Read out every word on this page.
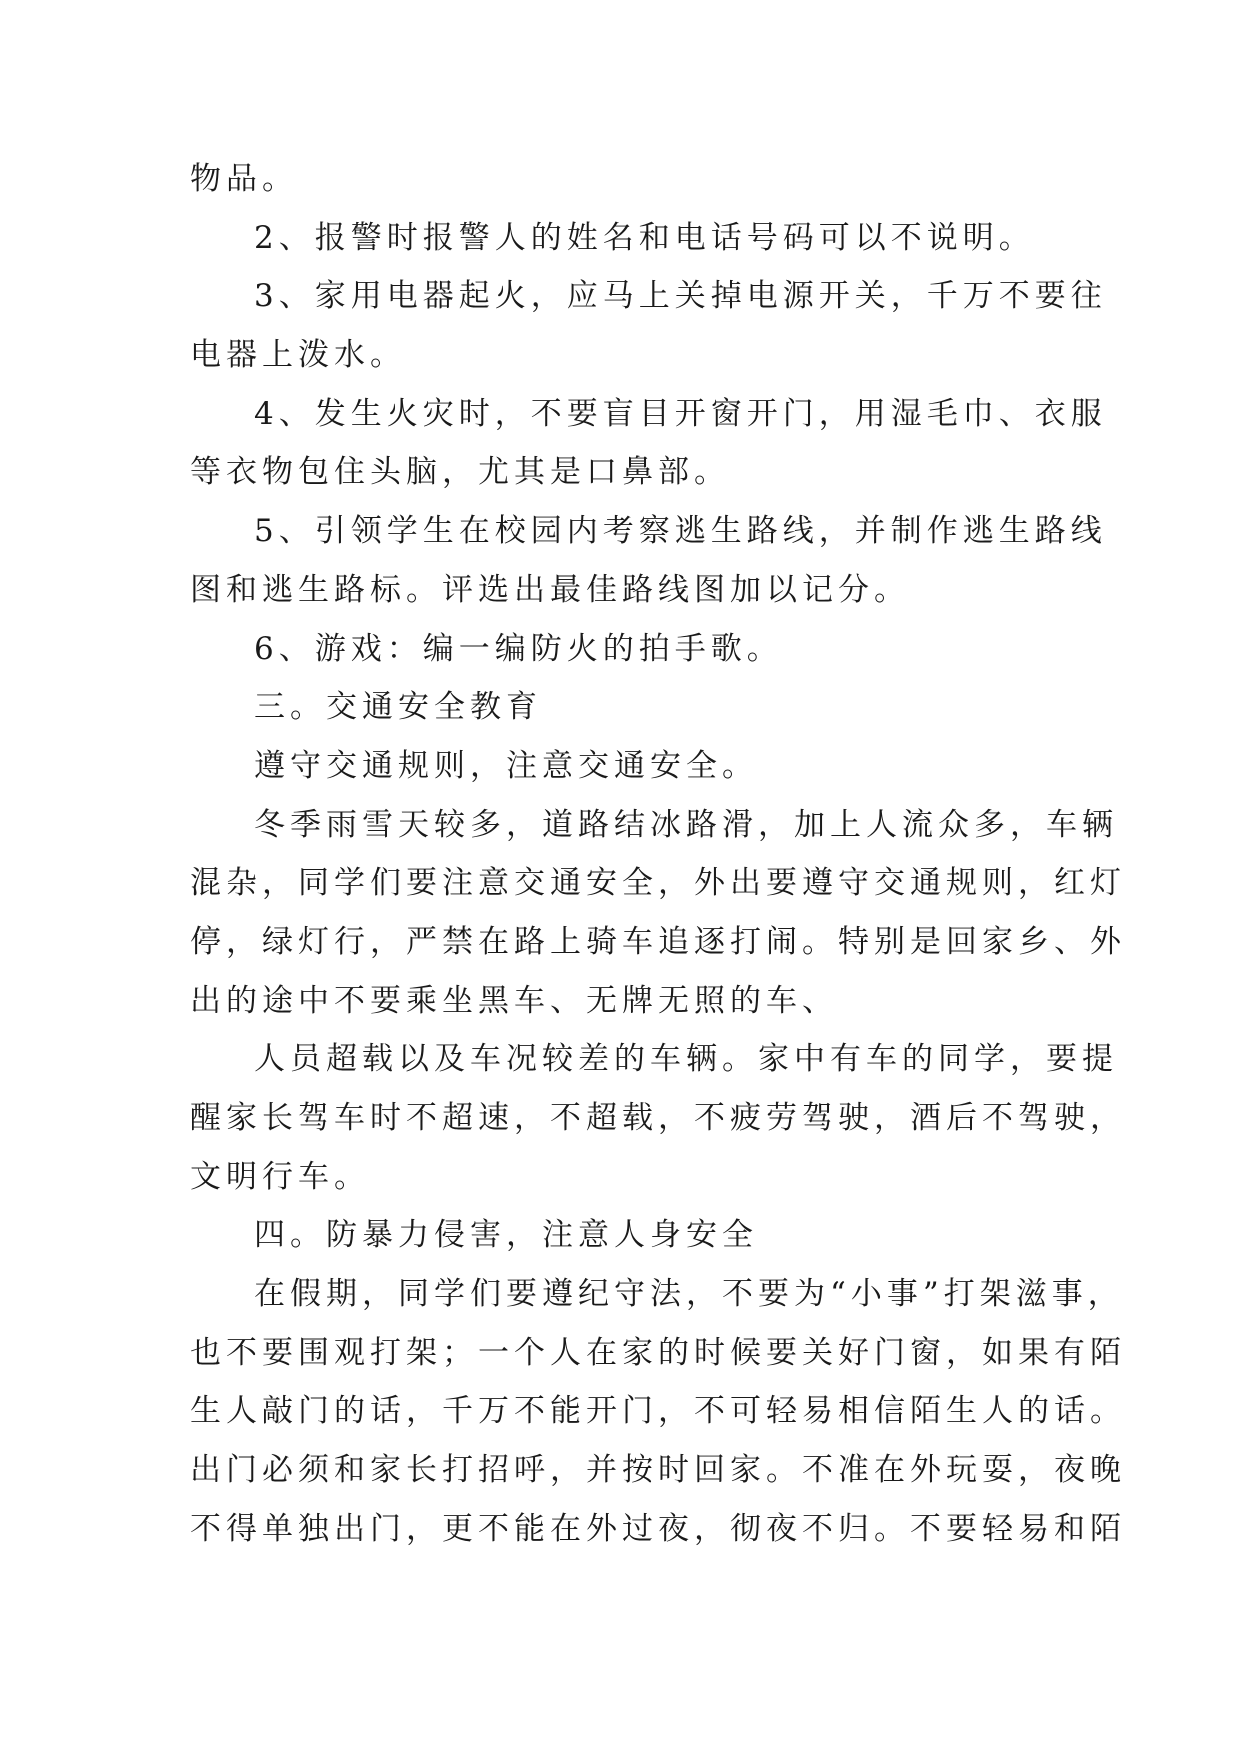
物品。
2、报警时报警人的姓名和电话号码可以不说明。
3、家用电器起火，应马上关掉电源开关，千万不要往
电器上泼水。
4、发生火灾时，不要盲目开窗开门，用湿毛巾、衣服
等衣物包住头脑，尤其是口鼻部。
5、引领学生在校园内考察逃生路线，并制作逃生路线
图和逃生路标。评选出最佳路线图加以记分。
6、游戏：编一编防火的拍手歌。
三。交通安全教育
遵守交通规则，注意交通安全。
冬季雨雪天较多，道路结冰路滑，加上人流众多，车辆
混杂，同学们要注意交通安全，外出要遵守交通规则，红灯
停，绿灯行，严禁在路上骑车追逐打闹。特别是回家乡、外
出的途中不要乘坐黑车、无牌无照的车、
人员超载以及车况较差的车辆。家中有车的同学，要提
醒家长驾车时不超速，不超载，不疲劳驾驶，酒后不驾驶，
文明行车。
四。防暴力侵害，注意人身安全
在假期，同学们要遵纪守法，不要为“小事”打架滋事，
也不要围观打架；一个人在家的时候要关好门窗，如果有陌
生人敲门的话，千万不能开门，不可轻易相信陌生人的话。
出门必须和家长打招呼，并按时回家。不准在外玩耍，夜晚
不得单独出门，更不能在外过夜，彻夜不归。不要轻易和陌
